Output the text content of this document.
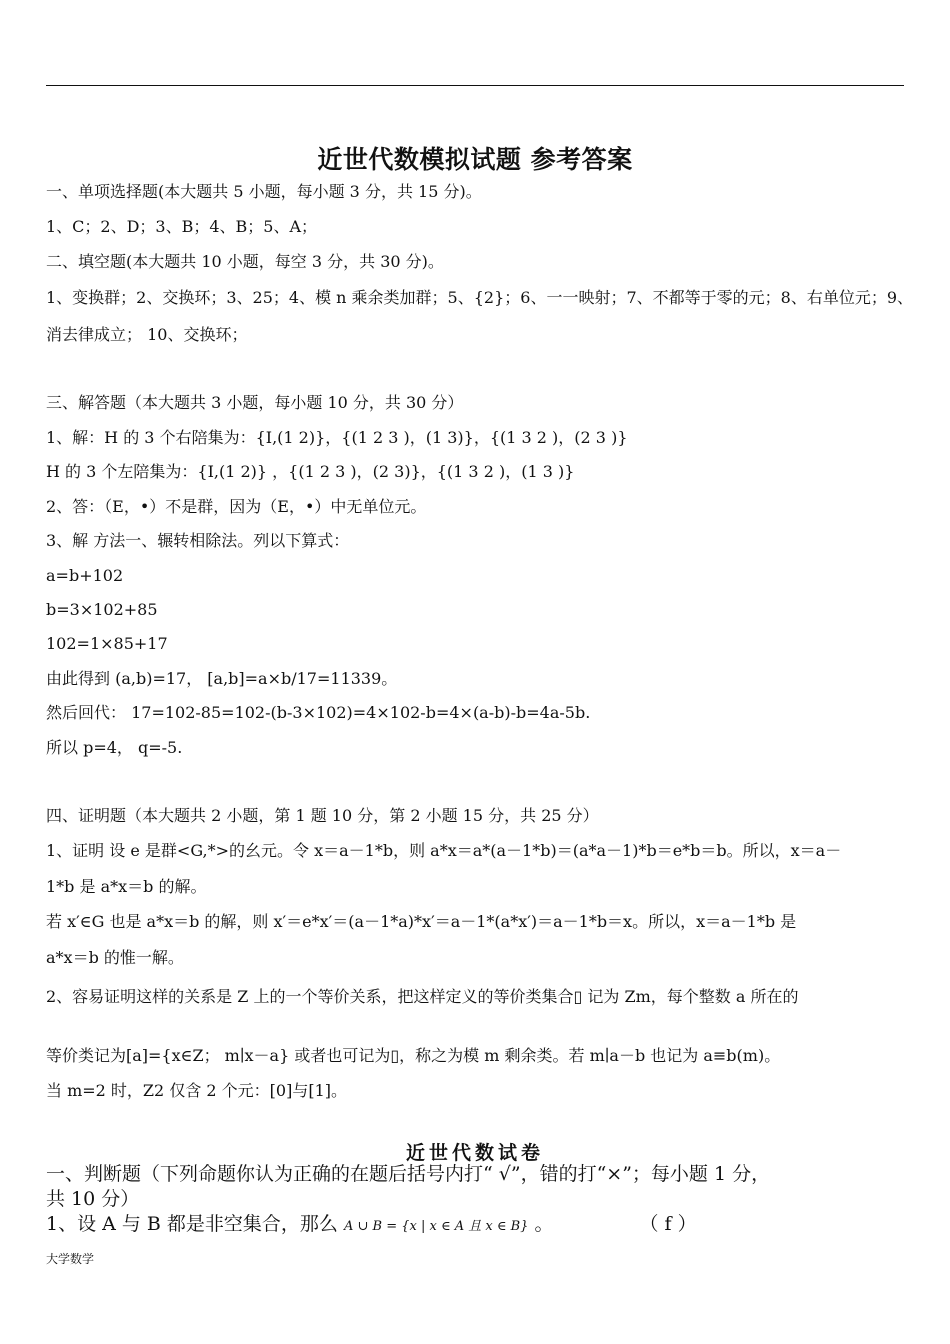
近世代数模拟试题 参考答案
一、单项选择题(本大题共 5 小题，每小题 3 分，共 15 分)。
1、C；2、D；3、B；4、B；5、A；
二、填空题(本大题共 10 小题，每空 3 分，共 30 分)。
1、变换群；2、交换环；3、25；4、模 n 乘余类加群；5、{2}；6、一一映射；7、不都等于零的元；8、右单位元；9、
消去律成立； 10、交换环；
三、解答题（本大题共 3 小题，每小题 10 分，共 30 分）
1、解：H 的 3 个右陪集为：{I,(1 2)}，{(1 2 3 )，(1 3)}，{(1 3 2 )，(2 3 )}
H 的 3 个左陪集为：{I,(1 2)} ，{(1 2 3 )，(2 3)}，{(1 3 2 )，(1 3 )}
2、答：（E，•）不是群，因为（E，•）中无单位元。
3、解 方法一、辗转相除法。列以下算式：
a=b+102
b=3×102+85
102=1×85+17
由此得到 (a,b)=17， [a,b]=a×b/17=11339。
然后回代： 17=102-85=102-(b-3×102)=4×102-b=4×(a-b)-b=4a-5b.
所以 p=4， q=-5.
四、证明题（本大题共 2 小题，第 1 题 10 分，第 2 小题 15 分，共 25 分）
1、证明 设 e 是群<G,*>的幺元。令 x＝a－1*b，则 a*x＝a*(a－1*b)＝(a*a－1)*b＝e*b＝b。所以，x＝a－
1*b 是 a*x＝b 的解。
若 x′∈G 也是 a*x＝b 的解，则 x′＝e*x′＝(a－1*a)*x′＝a－1*(a*x′)＝a－1*b＝x。所以，x＝a－1*b 是
a*x＝b 的惟一解。
2、容易证明这样的关系是 Z 上的一个等价关系，把这样定义的等价类集合▯ 记为 Zm，每个整数 a 所在的
等价类记为[a]={x∈Z； m∣x－a} 或者也可记为▯，称之为模 m 剩余类。若 m∣a－b 也记为 a≡b(m)。
当 m=2 时，Z2 仅含 2 个元：[0]与[1]。
近世代数试卷
一、判断题（下列命题你认为正确的在题后括号内打“ √”，错的打“×”；每小题 1 分，
共 10 分）
1、设 A 与 B 都是非空集合，那么 A ∪ B = {x | x ∈ A 且 x ∈ B} 。	（ f ）
大学数学
